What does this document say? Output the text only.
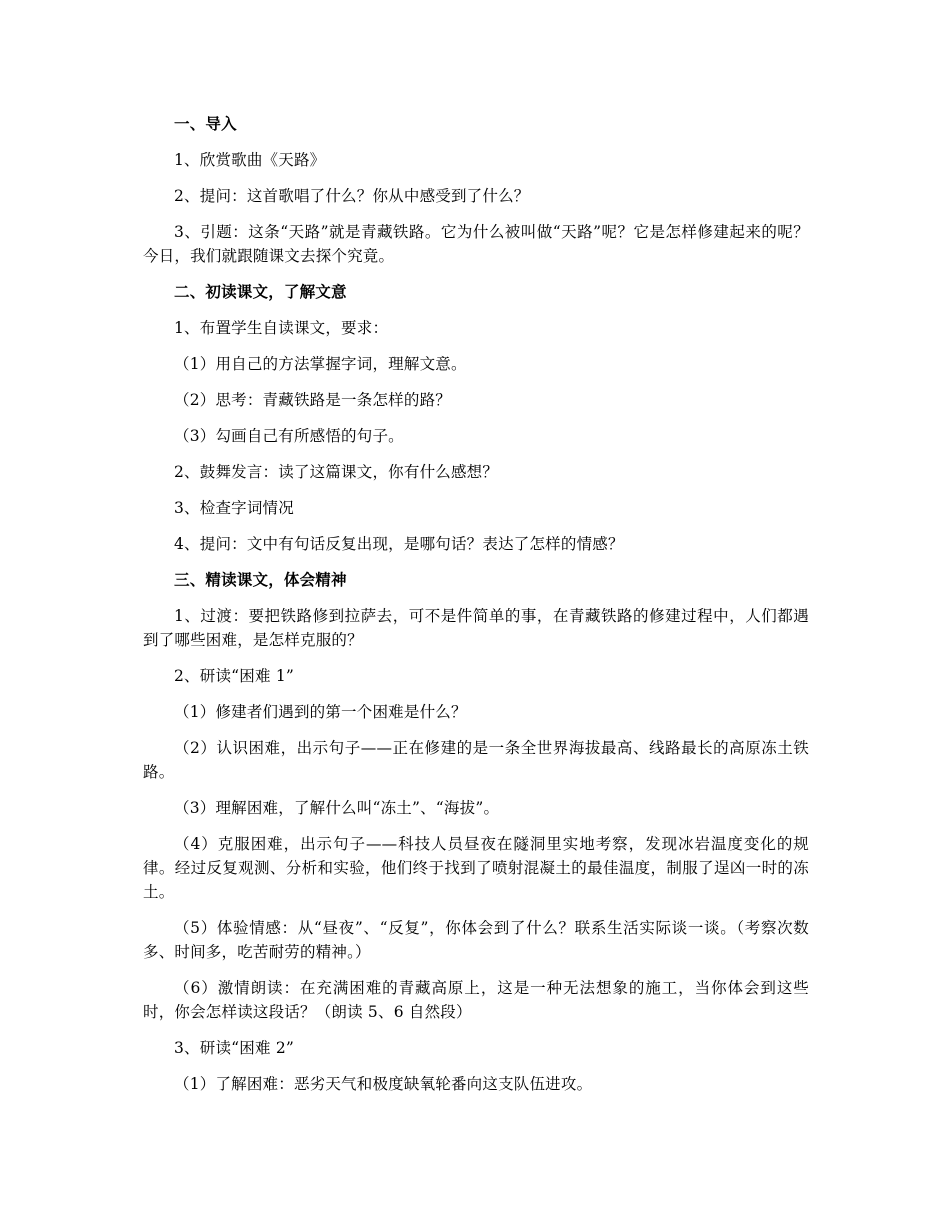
一、导入

1、欣赏歌曲《天路》

2、提问：这首歌唱了什么？你从中感受到了什么？

3、引题：这条“天路”就是青藏铁路。它为什么被叫做“天路”呢？它是怎样修建起来的呢？今日，我们就跟随课文去探个究竟。

二、初读课文，了解文意

1、布置学生自读课文，要求：

（1）用自己的方法掌握字词，理解文意。

（2）思考：青藏铁路是一条怎样的路？

（3）勾画自己有所感悟的句子。

2、鼓舞发言：读了这篇课文，你有什么感想？

3、检查字词情况

4、提问：文中有句话反复出现，是哪句话？表达了怎样的情感？

三、精读课文，体会精神

1、过渡：要把铁路修到拉萨去，可不是件简单的事，在青藏铁路的修建过程中，人们都遇到了哪些困难，是怎样克服的？

2、研读“困难 1”

（1）修建者们遇到的第一个困难是什么？

（2）认识困难，出示句子——正在修建的是一条全世界海拔最高、线路最长的高原冻土铁路。

（3）理解困难，了解什么叫“冻土”、“海拔”。

（4）克服困难，出示句子——科技人员昼夜在隧洞里实地考察，发现冰岩温度变化的规律。经过反复观测、分析和实验，他们终于找到了喷射混凝土的最佳温度，制服了逞凶一时的冻土。

（5）体验情感：从“昼夜”、“反复”，你体会到了什么？联系生活实际谈一谈。（考察次数多、时间多，吃苦耐劳的精神。）

（6）激情朗读：在充满困难的青藏高原上，这是一种无法想象的施工，当你体会到这些时，你会怎样读这段话？（朗读 5、6 自然段）

3、研读“困难 2”

（1）了解困难：恶劣天气和极度缺氧轮番向这支队伍进攻。
